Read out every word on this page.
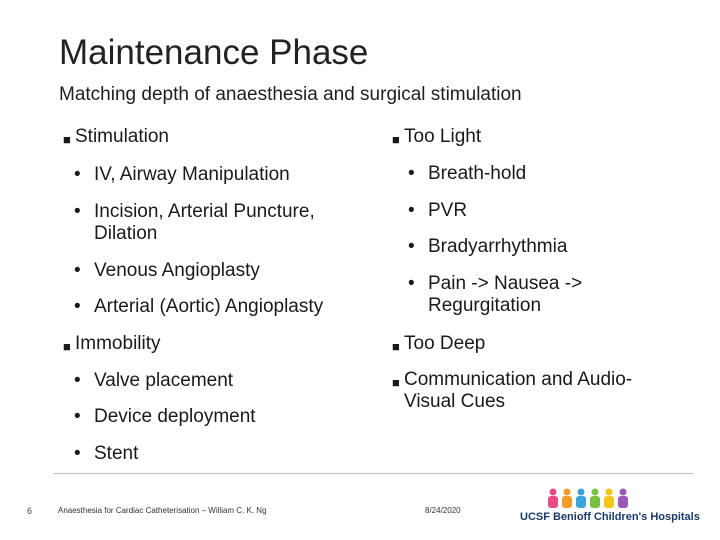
Maintenance Phase
Matching depth of anaesthesia and surgical stimulation
■ Stimulation
• IV, Airway Manipulation
• Incision, Arterial Puncture,
Dilation
• Venous Angioplasty
• Arterial (Aortic) Angioplasty
■ Immobility
• Valve placement
• Device deployment
• Stent
■ Too Light
• Breath-hold
• PVR
• Bradyarrhythmia
• Pain -> Nausea ->
Regurgitation
■ Too Deep
■ Communication and Audio-
Visual Cues
6	Anaesthesia for Cardiac Catheterisation – William C. K. Ng	8/24/2020
UCSF Benioff Children's Hospitals
